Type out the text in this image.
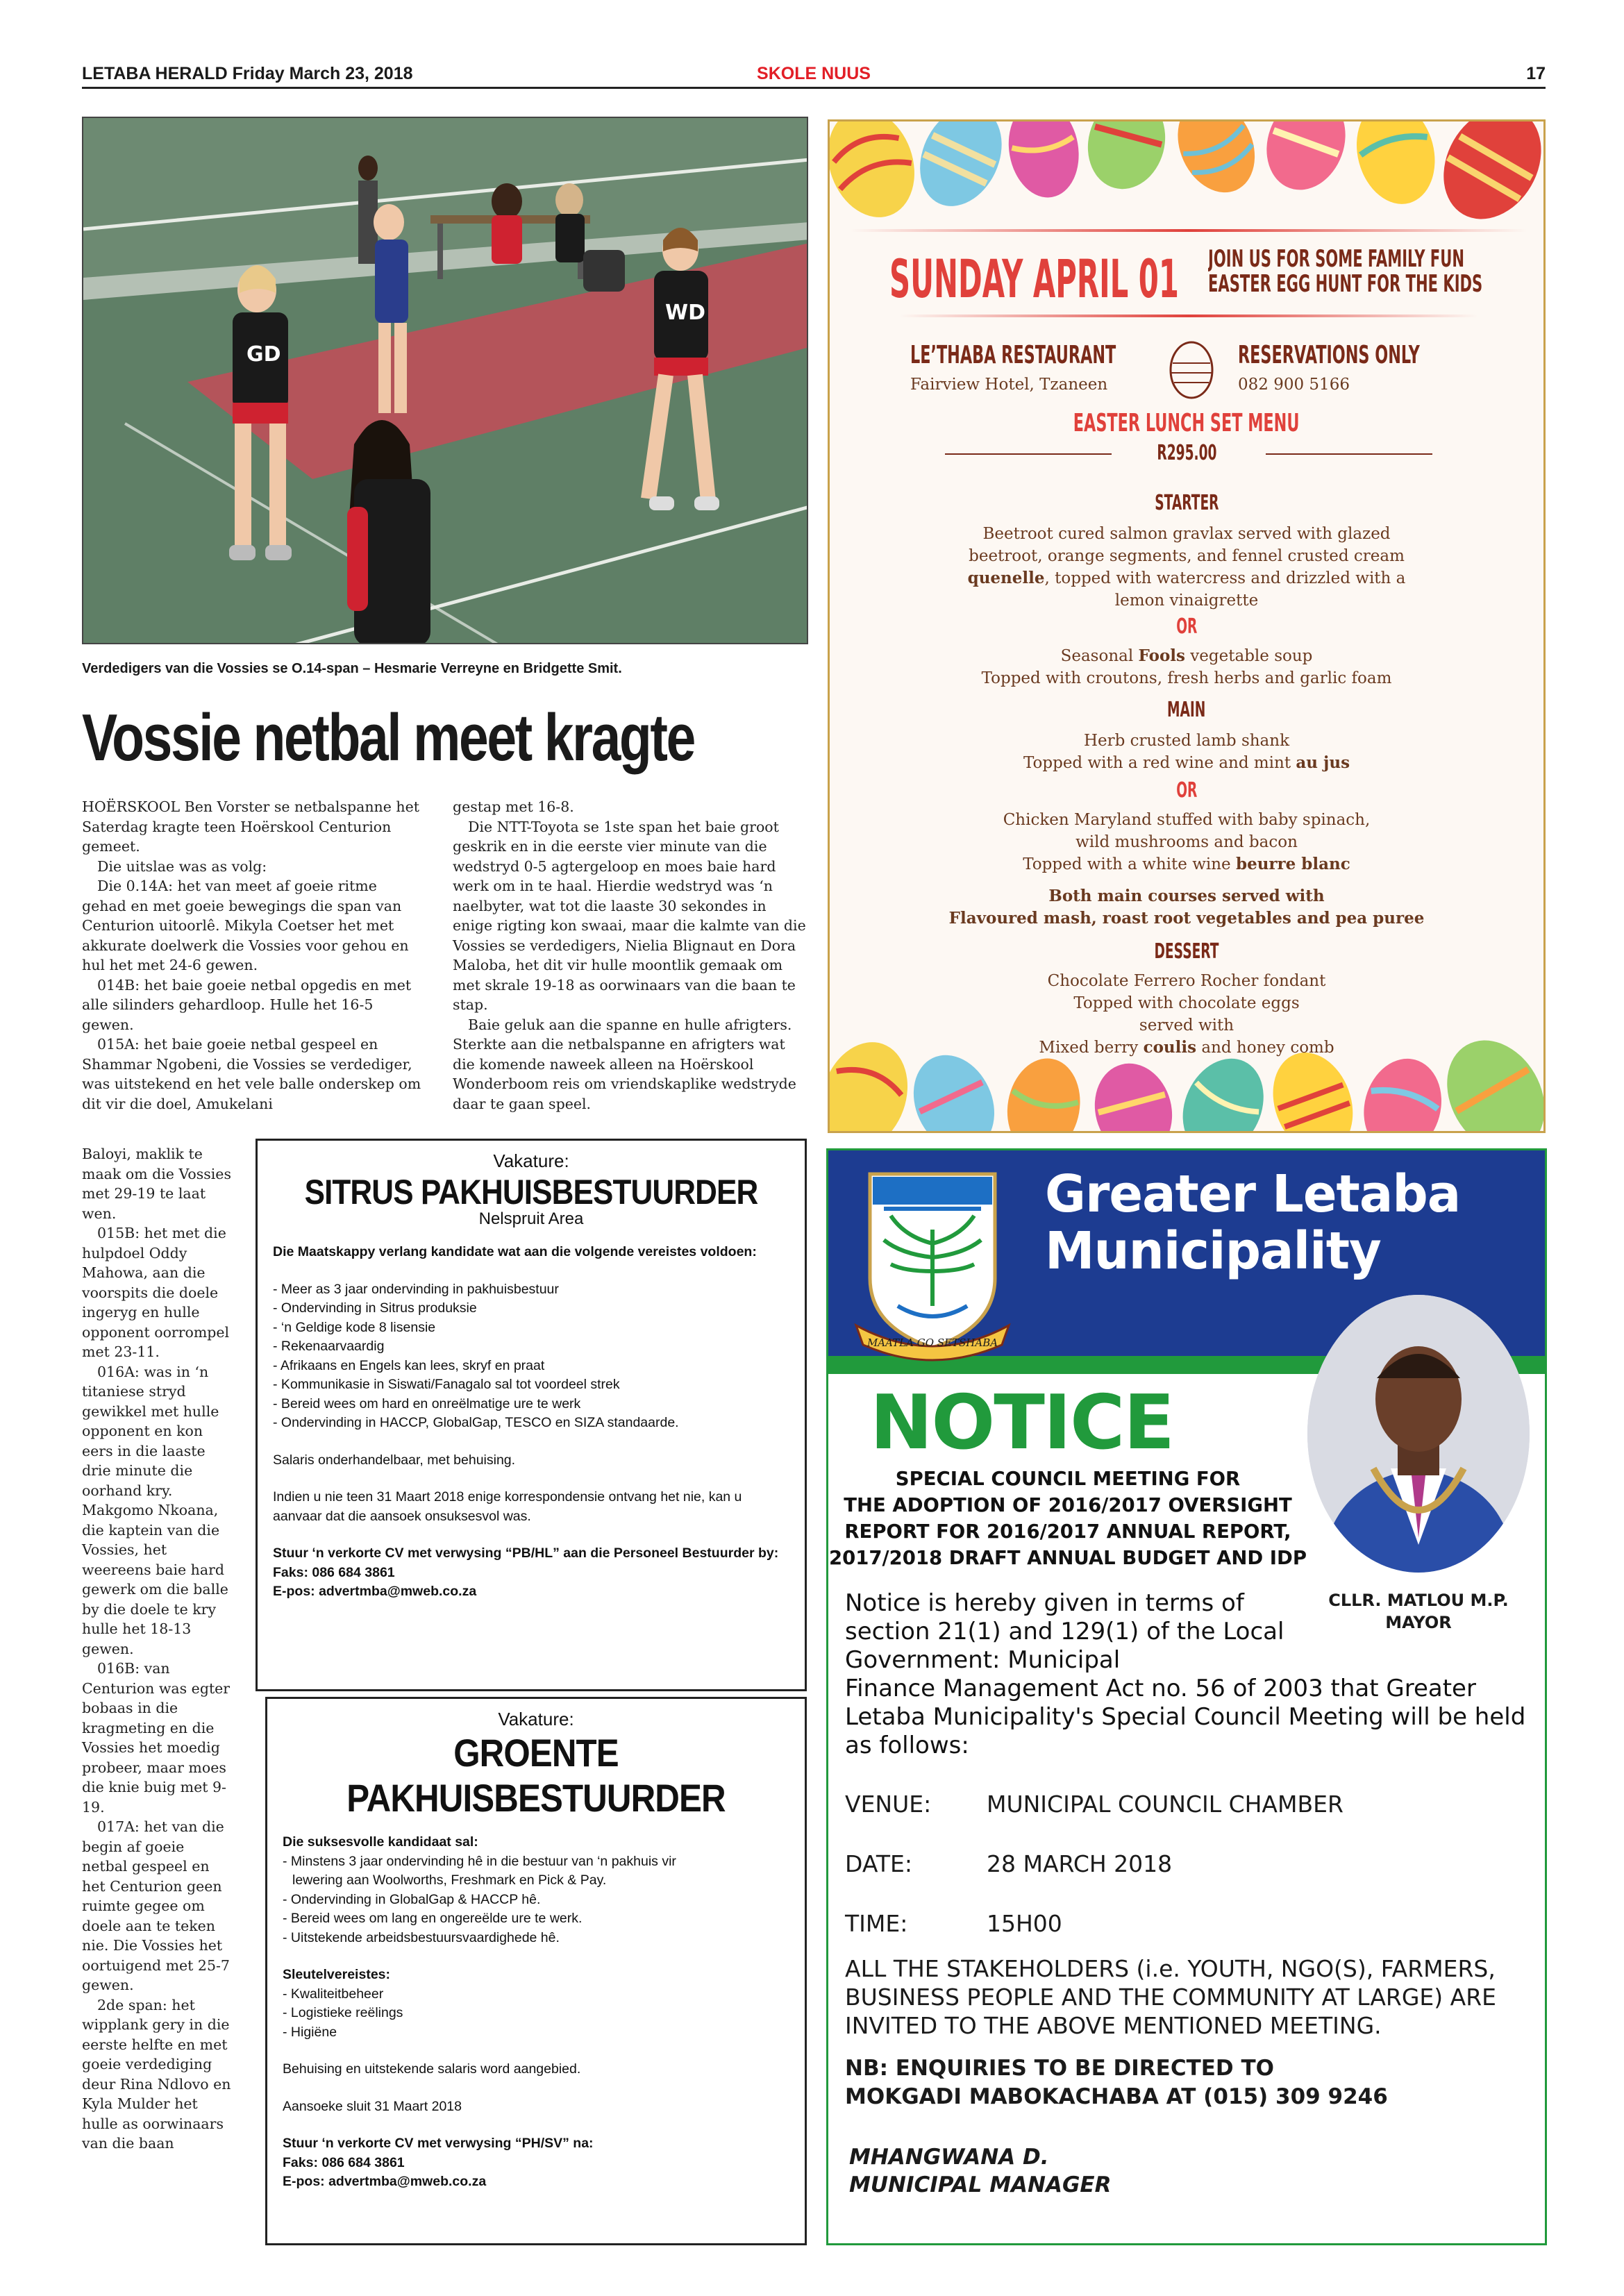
LETABA HERALD Friday March 23, 2018	SKOLE NUUS	17
GD
WD
Verdedigers van die Vossies se O.14-span – Hesmarie Verreyne en Bridgette Smit.
Vossie netbal meet kragte

HOËRSKOOL Ben Vorster se netbalspanne het Saterdag kragte teen Hoërskool Centurion gemeet.

Die uitslae was as volg:

Die 0.14A: het van meet af goeie ritme gehad en met goeie bewegings die span van Centurion uitoorlê. Mikyla Coetser het met akkurate doelwerk die Vossies voor gehou en hul het met 24-6 gewen.

014B: het baie goeie netbal opgedis en met alle silinders gehardloop. Hulle het 16-5 gewen.

015A: het baie goeie netbal gespeel en Shammar Ngobeni, die Vossies se verdediger, was uitstekend en het vele balle onderskep om dit vir die doel, Amukelani

gestap met 16-8.

Die NTT-Toyota se 1ste span het baie groot geskrik en in die eerste vier minute van die wedstryd 0-5 agtergeloop en moes baie hard werk om in te haal. Hierdie wedstryd was ‘n naelbyter, wat tot die laaste 30 sekondes in enige rigting kon swaai, maar die kalmte van die Vossies se verdedigers, Nielia Blignaut en Dora Maloba, het dit vir hulle moontlik gemaak om met skrale 19-18 as oorwinaars van die baan te stap.

Baie geluk aan die spanne en hulle afrigters. Sterkte aan die netbalspanne en afrigters wat die komende naweek alleen na Hoërskool Wonderboom reis om vriendskaplike wedstryde daar te gaan speel.

Baloyi, maklik te maak om die Vossies met 29-19 te laat wen.

015B: het met die hulpdoel Oddy Mahowa, aan die voorspits die doele ingeryg en hulle opponent oorrompel met 23-11.

016A: was in ‘n titaniese stryd gewikkel met hulle opponent en kon eers in die laaste drie minute die oorhand kry. Makgomo Nkoana, die kaptein van die Vossies, het weereens baie hard gewerk om die balle by die doele te kry hulle het 18-13 gewen.

016B: van Centurion was egter bobaas in die kragmeting en die Vossies het moedig probeer, maar moes die knie buig met 9-19.

017A: het van die begin af goeie netbal gespeel en het Centurion geen ruimte gegee om doele aan te teken nie. Die Vossies het oortuigend met 25-7 gewen.

2de span: het wipplank gery in die eerste helfte en met goeie verdediging deur Rina Ndlovo en Kyla Mulder het hulle as oorwinaars van die baan

Vakature:
SITRUS PAKHUISBESTUURDER
Nelspruit Area
Die Maatskappy verlang kandidate wat aan die volgende vereistes voldoen:
- Meer as 3 jaar ondervinding in pakhuisbestuur
- Ondervinding in Sitrus produksie
- ‘n Geldige kode 8 lisensie
- Rekenaarvaardig
- Afrikaans en Engels kan lees, skryf en praat
- Kommunikasie in Siswati/Fanagalo sal tot voordeel strek
- Bereid wees om hard en onreëlmatige ure te werk
- Ondervinding in HACCP, GlobalGap, TESCO en SIZA standaarde.
Salaris onderhandelbaar, met behuising.
Indien u nie teen 31 Maart 2018 enige korrespondensie ontvang het nie, kan u aanvaar dat die aansoek onsuksesvol was.
Stuur ‘n verkorte CV met verwysing “PB/HL” aan die Personeel Bestuurder by:
Faks: 086 684 3861
E-pos: advertmba@mweb.co.za
Vakature:
GROENTE
PAKHUISBESTUURDER
Die suksesvolle kandidaat sal:
- Minstens 3 jaar ondervinding hê in die bestuur van ‘n pakhuis vir
lewering aan Woolworths, Freshmark en Pick & Pay.
- Ondervinding in GlobalGap & HACCP hê.
- Bereid wees om lang en ongereëlde ure te werk.
- Uitstekende arbeidsbestuursvaardighede hê.
Sleutelvereistes:
- Kwaliteitbeheer
- Logistieke reëlings
- Higiëne
Behuising en uitstekende salaris word aangebied.
Aansoeke sluit 31 Maart 2018
Stuur ‘n verkorte CV met verwysing “PH/SV” na:
Faks: 086 684 3861
E-pos: advertmba@mweb.co.za
SUNDAY APRIL 01	JOIN US FOR SOME FAMILY FUN
EASTER EGG HUNT FOR THE KIDS
LE’THABA RESTAURANT
Fairview Hotel, Tzaneen
RESERVATIONS ONLY
082 900 5166
EASTER LUNCH SET MENU
R295.00
STARTER
Beetroot cured salmon gravlax served with glazed
beetroot, orange segments, and fennel crusted cream
quenelle, topped with watercress and drizzled with a
lemon vinaigrette
OR
Seasonal Fools vegetable soup
Topped with croutons, fresh herbs and garlic foam
MAIN
Herb crusted lamb shank
Topped with a red wine and mint au jus
OR
Chicken Maryland stuffed with baby spinach,
wild mushrooms and bacon
Topped with a white wine beurre blanc
Both main courses served with
Flavoured mash, roast root vegetables and pea puree
DESSERT
Chocolate Ferrero Rocher fondant
Topped with chocolate eggs
served with
Mixed berry coulis and honey comb
MAATLA GO SETSHABA
Greater Letaba
Municipality
CLLR. MATLOU M.P.
MAYOR
NOTICE
SPECIAL COUNCIL MEETING FOR
THE ADOPTION OF 2016/2017 OVERSIGHT
REPORT FOR 2016/2017 ANNUAL REPORT,
2017/2018 DRAFT ANNUAL BUDGET AND IDP
Notice is hereby given in terms of section 21(1) and 129(1) of the Local Government: Municipal
Finance Management Act no. 56 of 2003 that Greater Letaba Municipality's Special Council Meeting will be held as follows:
VENUE: MUNICIPAL COUNCIL CHAMBER
DATE:	28 MARCH 2018
TIME:	15H00
ALL THE STAKEHOLDERS (i.e. YOUTH, NGO(S), FARMERS, BUSINESS PEOPLE AND THE COMMUNITY AT LARGE) ARE INVITED TO THE ABOVE MENTIONED MEETING.
NB: ENQUIRIES TO BE DIRECTED TO
MOKGADI MABOKACHABA AT (015) 309 9246
MHANGWANA D.
MUNICIPAL MANAGER
